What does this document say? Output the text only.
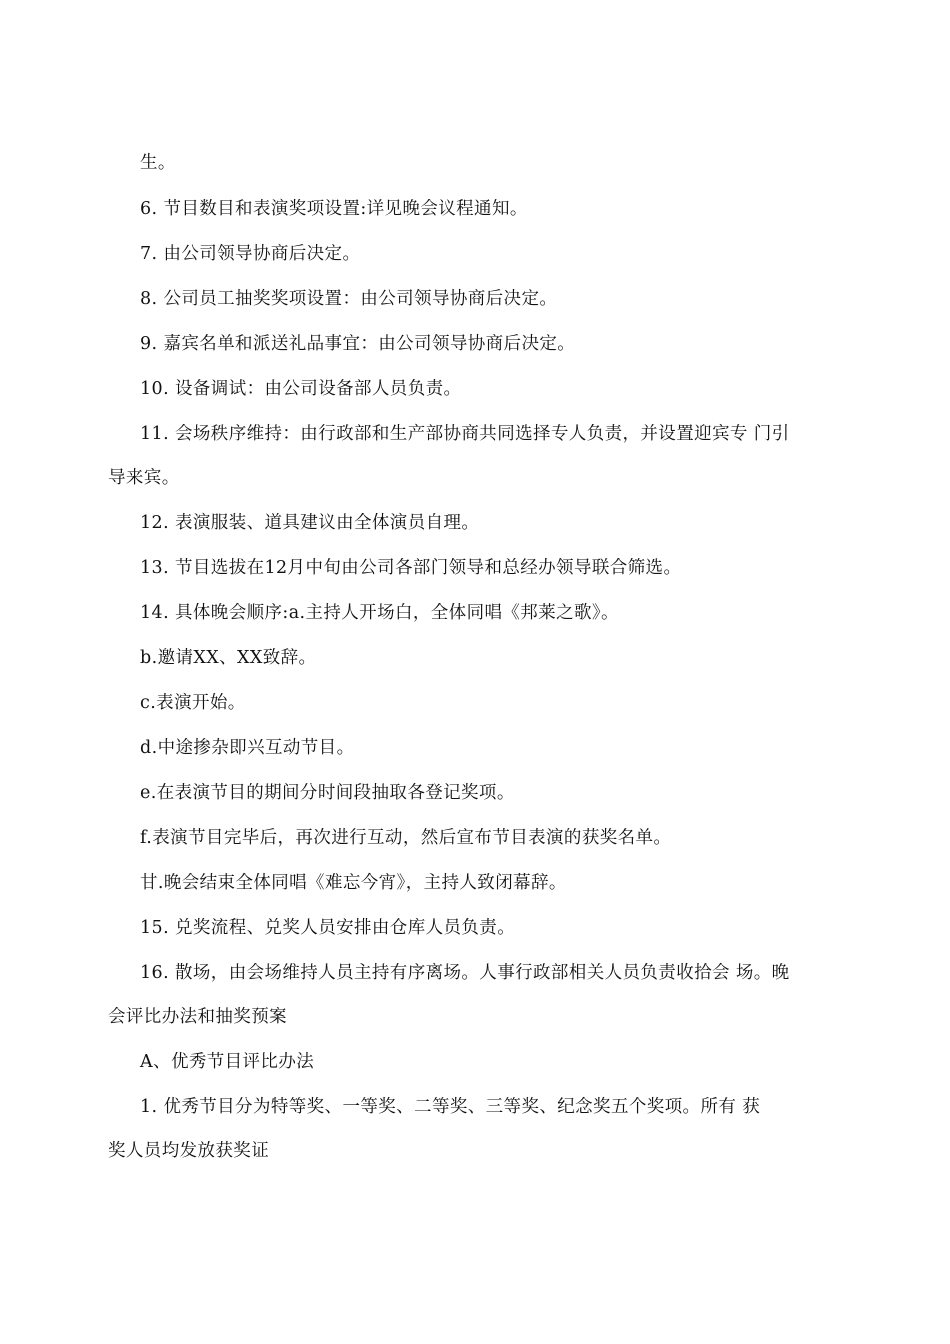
生。
6. 节目数目和表演奖项设置:详见晚会议程通知。
7. 由公司领导协商后决定。
8. 公司员工抽奖奖项设置：由公司领导协商后决定。
9. 嘉宾名单和派送礼品事宜：由公司领导协商后决定。
10. 设备调试：由公司设备部人员负责。
11. 会场秩序维持：由行政部和生产部协商共同选择专人负责，并设置迎宾专 门引
导来宾。
12. 表演服装、道具建议由全体演员自理。
13. 节目选拔在12月中旬由公司各部门领导和总经办领导联合筛选。
14. 具体晚会顺序:a.主持人开场白，全体同唱《邦莱之歌》。
b.邀请XX、XX致辞。
c.表演开始。
d.中途掺杂即兴互动节目。
e.在表演节目的期间分时间段抽取各登记奖项。
f.表演节目完毕后，再次进行互动，然后宣布节目表演的获奖名单。
甘.晚会结束全体同唱《难忘今宵》，主持人致闭幕辞。
15. 兑奖流程、兑奖人员安排由仓库人员负责。
16. 散场，由会场维持人员主持有序离场。人事行政部相关人员负责收拾会 场。晚
会评比办法和抽奖预案
A、优秀节目评比办法
1. 优秀节目分为特等奖、一等奖、二等奖、三等奖、纪念奖五个奖项。所有 获
奖人员均发放获奖证
